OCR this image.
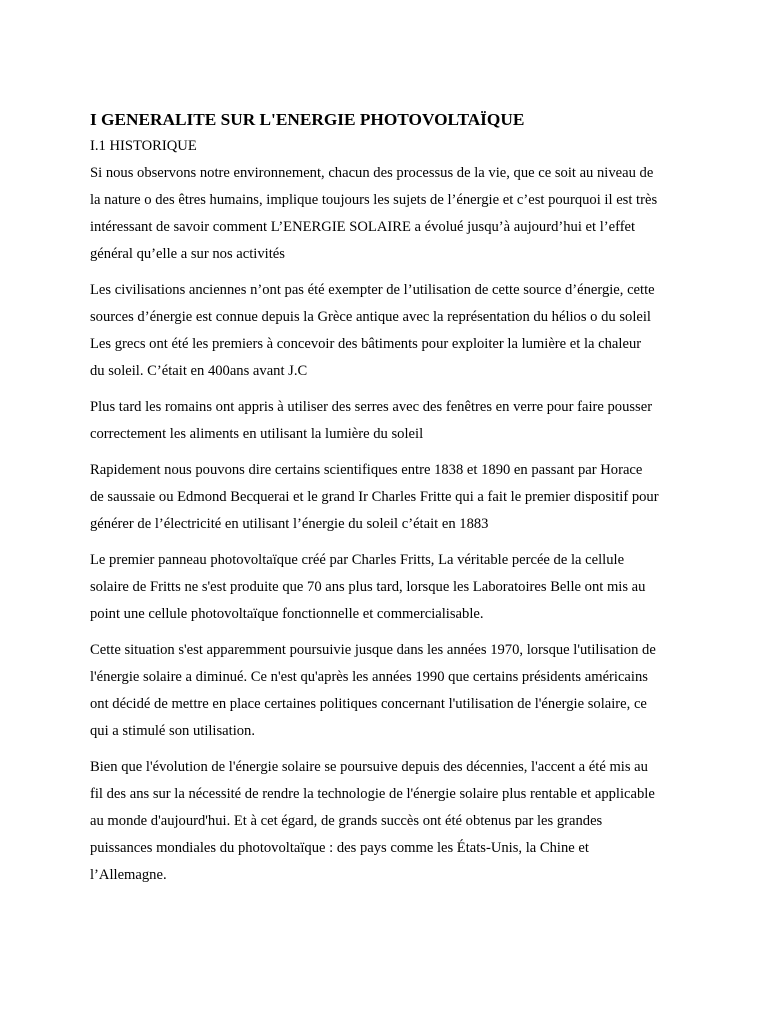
I GENERALITE SUR L'ENERGIE PHOTOVOLTAÏQUE
I.1 HISTORIQUE

Si nous observons notre environnement, chacun des processus de la vie, que ce soit au niveau de
la nature o des êtres humains, implique toujours les sujets de l’énergie et c’est pourquoi il est très
intéressant de savoir comment L’ENERGIE SOLAIRE a évolué jusqu’à aujourd’hui et l’effet
général qu’elle a sur nos activités

Les civilisations anciennes n’ont pas été exempter de l’utilisation de cette source d’énergie, cette
sources d’énergie est connue depuis la Grèce antique avec la représentation du hélios o du soleil
Les grecs ont été les premiers à concevoir des bâtiments pour exploiter la lumière et la chaleur
du soleil. C’était en 400ans avant J.C

Plus tard les romains ont appris à utiliser des serres avec des fenêtres en verre pour faire pousser
correctement les aliments en utilisant la lumière du soleil

Rapidement nous pouvons dire certains scientifiques entre 1838 et 1890 en passant par Horace
de saussaie ou Edmond Becquerai et le grand Ir Charles Fritte qui a fait le premier dispositif pour
générer de l’électricité en utilisant l’énergie du soleil c’était en 1883

Le premier panneau photovoltaïque créé par Charles Fritts, La véritable percée de la cellule
solaire de Fritts ne s'est produite que 70 ans plus tard, lorsque les Laboratoires Belle ont mis au
point une cellule photovoltaïque fonctionnelle et commercialisable.

Cette situation s'est apparemment poursuivie jusque dans les années 1970, lorsque l'utilisation de
l'énergie solaire a diminué. Ce n'est qu'après les années 1990 que certains présidents américains
ont décidé de mettre en place certaines politiques concernant l'utilisation de l'énergie solaire, ce
qui a stimulé son utilisation.

Bien que l'évolution de l'énergie solaire se poursuive depuis des décennies, l'accent a été mis au
fil des ans sur la nécessité de rendre la technologie de l'énergie solaire plus rentable et applicable
au monde d'aujourd'hui. Et à cet égard, de grands succès ont été obtenus par les grandes
puissances mondiales du photovoltaïque : des pays comme les États-Unis, la Chine et
l’Allemagne.
